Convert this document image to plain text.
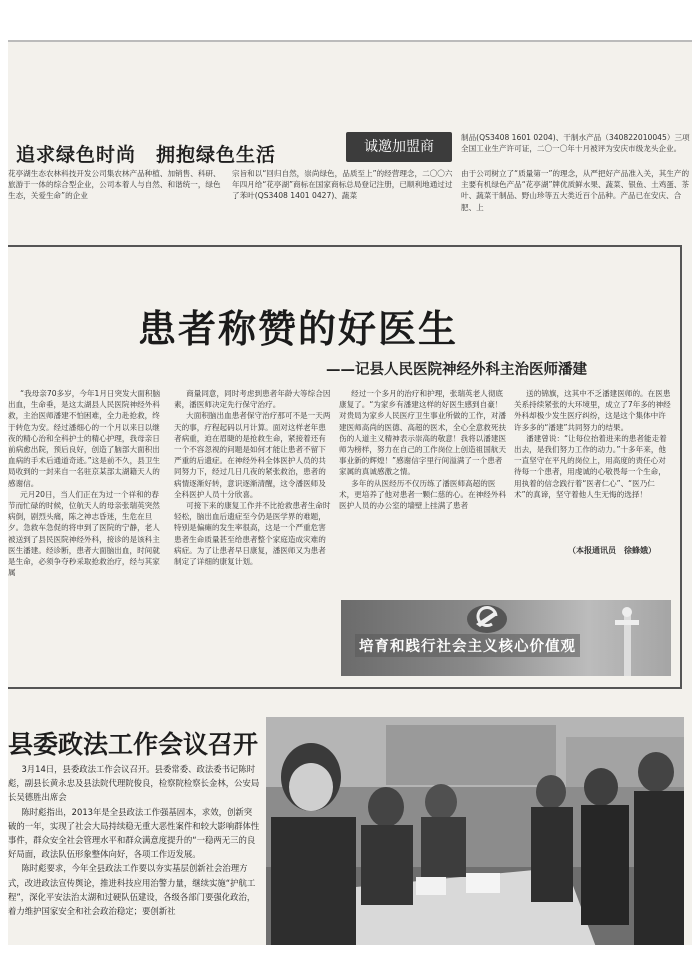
追求绿色时尚　拥抱绿色生活	诚邀加盟商
制品(QS3408 1601 0204)、干制水产品（340822010045）三项全国工业生产许可证，二〇一〇年十月被评为安庆市级龙头企业。
花亭湖生态农林科技开发公司集农林产品种植、加销售、科研、旅游于一体的综合型企业，公司本着人与自然、和谐统一，绿色生态，关爱生命”的企业
宗旨和以“回归自然，崇尚绿色，品质至上”的经营理念，二〇〇六年四月给“花亭湖”商标在国家商标总局登记注册，已顺利地通过过了苯叶(QS3408 1401 0427)、蔬菜
由于公司树立了“质量第一”的理念，从严把好产品准入关，其生产的主要有机绿色产品“花亭湖”牌优质鲜水果、蔬菜、银鱼、土鸡蛋、茶叶、蔬菜干制品、野山珍等五大类近百个品种。产品已在安庆、合肥、上
患者称赞的好医生
——记县人民医院神经外科主治医师潘建

“我母亲70多岁，今年1月日突发大面积脑出血，生命垂，是这太湖县人民医院神经外科救，主治医师潘建不怕困难，全力赴抢救，终于转危为安。经过潘细心的一个月以来日以继夜的精心治和全科护士的精心护理，我母亲日前病愈出院，预后良好，创造了脑部大面积出血病的手术后通道奇迹。”这是前不久，县卫生局收到的一封来自一名驻京某部太湖籍天人的感谢信。

元月20日，当人们正在为过一个祥和的春节而忙碌的时候，位航天人的母亲张瑞英突然病倒，剧烈头痛，陈之神志昏迷，生危在旦夕。急救车急促的将申到了医院的宁静，老人被送到了县民医院神经外科，接诊的是该科主医生潘建。经诊断，患者大面脑出血，时间就是生命，必须争夺秒采取抢救治疗，经与其家属

商量同意，同时考虑到患者年龄大等综合因素，潘医师决定先行保守治疗。

大面积脑出血患者保守治疗那可不是一天两天的事，疗程起码以月计算。面对这样老年患者病重，迫在眉睫的是抢救生命，紧接着还有一个不容忽视的问题是如何才能让患者不留下严重的后遗症。在神经外科全体医护人员的共同努力下，经过几日几夜的紧张救治，患者的病情逐渐好转，意识逐渐清醒，这令潘医师及全科医护人员十分欣喜。

可接下来的康复工作并不比抢救患者生命时轻松，脑出血后遗症至今仍是医学界的难题，特别是偏瘫的发生率很高，这是一个严重危害患者生命质量甚至给患者整个家庭造成灾难的病症。为了让患者早日康复，潘医师又为患者制定了详细的康复计划。

经过一个多月的治疗和护理，张瑞英老人彻底康复了。“为家乡有潘建这样的好医生感到自豪！对贵局为家乡人民医疗卫生事业所做的工作，对潘建医师高尚的医德、高超的医术，全心全意救死扶伤的人道主义精神表示崇高的敬意！我将以潘建医师为榜样，努力在自己的工作岗位上创造祖国航天事业新的辉煌！”感谢信字里行间溢满了一个患者家属的真诚感激之情。

多年的从医经历不仅历练了潘医师高超的医术，更培养了他对患者一颗仁慈的心。在神经外科医护人员的办公室的墙壁上挂满了患者

送的锦旗，这其中不乏潘建医师的。在医患关系持续紧张的大环境里，成立了7年多的神经外科却极少发生医疗纠纷，这是这个集体中许许多多的“潘建”共同努力的结果。

潘建曾说：“让每位抬着进来的患者能走着出去，是我们努力工作的动力。”十多年来，他一直坚守在平凡的岗位上，用高度的责任心对待每一个患者，用虔诚的心敬畏每一个生命，用执着的信念践行着“医者仁心”、“医乃仁术”的真谛，坚守着他人生无悔的选择！

（本报通讯员　徐蜂娥）
培育和践行社会主义核心价值观
县委政法工作会议召开

3月14日，县委政法工作会议召开。县委常委、政法委书记陈时彪，副县长黄永忠及县法院代理院俊良，检察院检察长金林，公安局长吴德胜出席会

陈时彪指出，2013年是全县政法工作强基固本，求效，创新突破的一年，实现了社会大局持续稳无重大恶性案件和较大影响群体性事件，群众安全社会管理水平和群众满意度提升的“一稳两无三的良好局面，政法队伍形象整体向好，各项工作迈发展。

陈时彪要求，今年全县政法工作要以夯实基层创新社会治理方式，改进政法宣传舆论，推进科技应用治警力量，继续实施“护航工程”，深化平安法治太湖和过硬队伍建设，各级各部门要强化政治，着力维护国家安全和社会政治稳定；要创新社
